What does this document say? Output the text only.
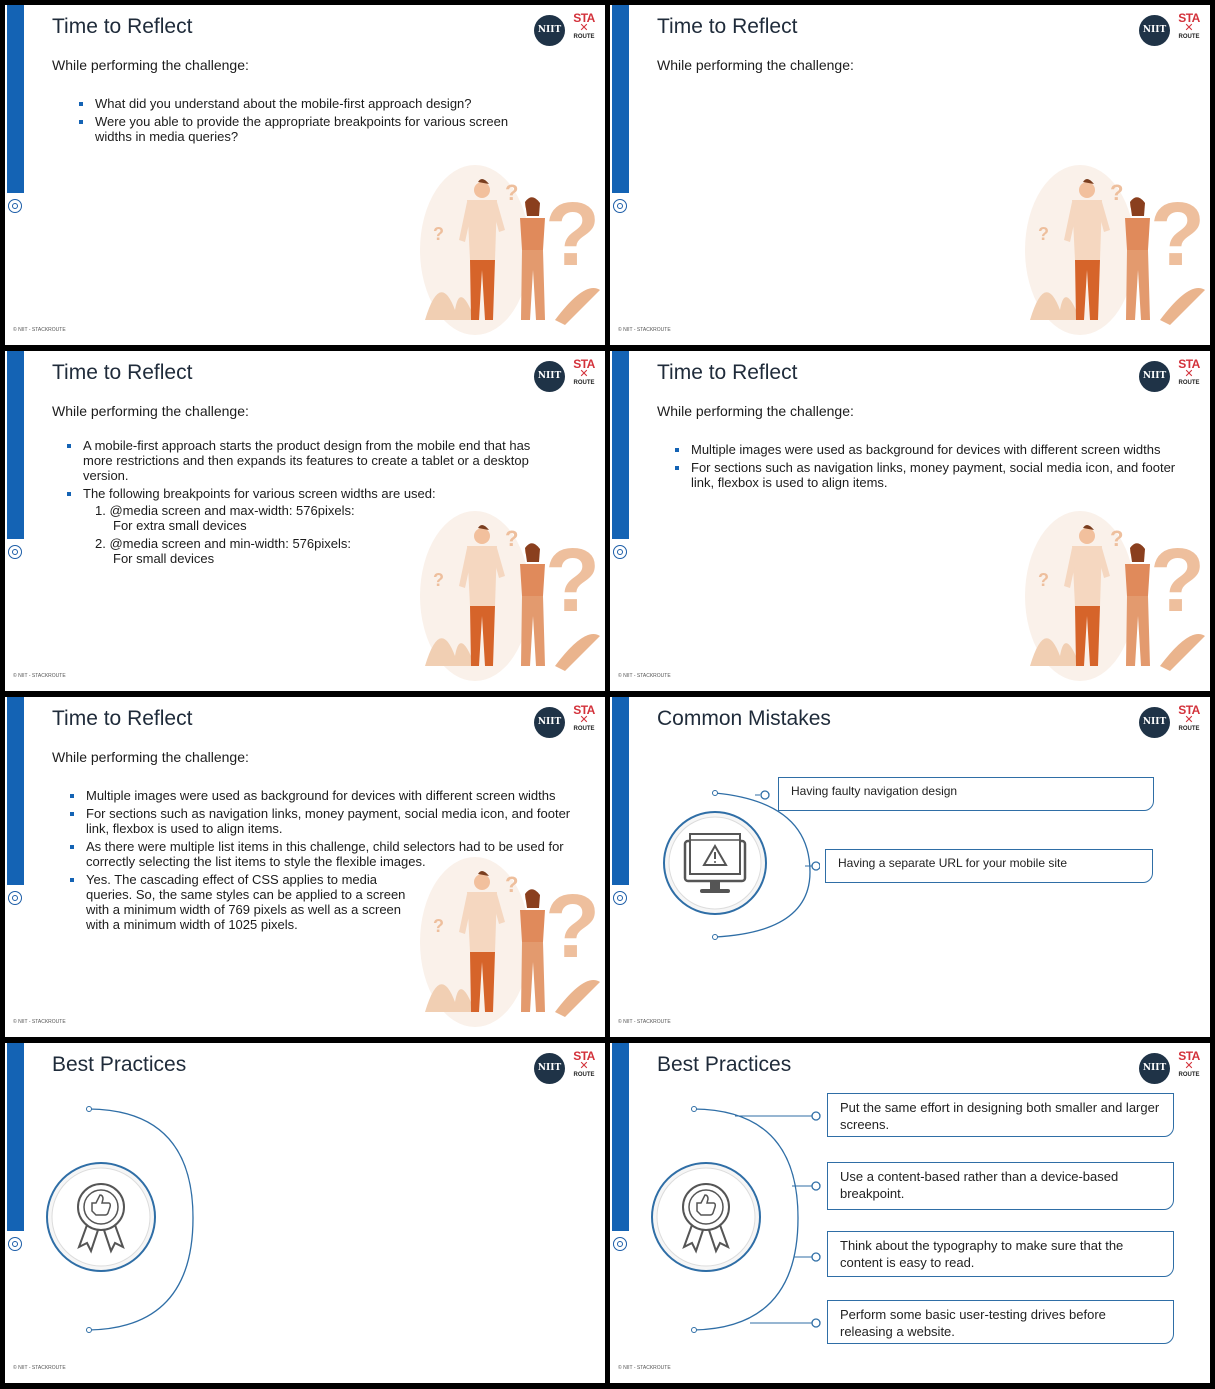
Time to Reflect	NIIT
STA
✕
ROUTE
While performing the challenge:
What did you understand about the mobile-first approach design?
Were you able to provide the appropriate breakpoints for various screen widths in media queries?
?
?
?
© NIIT - STACKROUTE
Time to Reflect	NIIT
STA
✕
ROUTE
While performing the challenge:
?
?
?
© NIIT - STACKROUTE
Time to Reflect	NIIT
STA
✕
ROUTE
While performing the challenge:
?
?
?
A mobile-first approach starts the product design from the mobile end that has more restrictions and then expands its features to create a tablet or a desktop version.
The following breakpoints for various screen widths are used:
1. @media screen and max-width: 576pixels:
For extra small devices
2. @media screen and min-width: 576pixels:
For small devices
© NIIT - STACKROUTE
Time to Reflect	NIIT
STA
✕
ROUTE
While performing the challenge:
Multiple images were used as background for devices with different screen widths
For sections such as navigation links, money payment, social media icon, and footer link, flexbox is used to align items.
?
?
?
© NIIT - STACKROUTE
Time to Reflect	NIIT
STA
✕
ROUTE
While performing the challenge:
?
?
?
Multiple images were used as background for devices with different screen widths
For sections such as navigation links, money payment, social media icon, and footer link, flexbox is used to align items.
As there were multiple list items in this challenge, child selectors had to be used for correctly selecting the list items to style the flexible images.
Yes. The cascading effect of CSS applies to media queries. So, the same styles can be applied to a screen with a minimum width of 769 pixels as well as a screen with a minimum width of 1025 pixels.
© NIIT - STACKROUTE
Common Mistakes	NIIT
STA
✕
ROUTE
Having faulty navigation design
Having a separate URL for your mobile site
© NIIT - STACKROUTE
Best Practices	NIIT
STA
✕
ROUTE
© NIIT - STACKROUTE
Best Practices	NIIT
STA
✕
ROUTE
Put the same effort in designing both smaller and larger screens.
Use a content-based rather than a device-based breakpoint.
Think about the typography to make sure that the content is easy to read.
Perform some basic user-testing drives before releasing a website.
© NIIT - STACKROUTE
